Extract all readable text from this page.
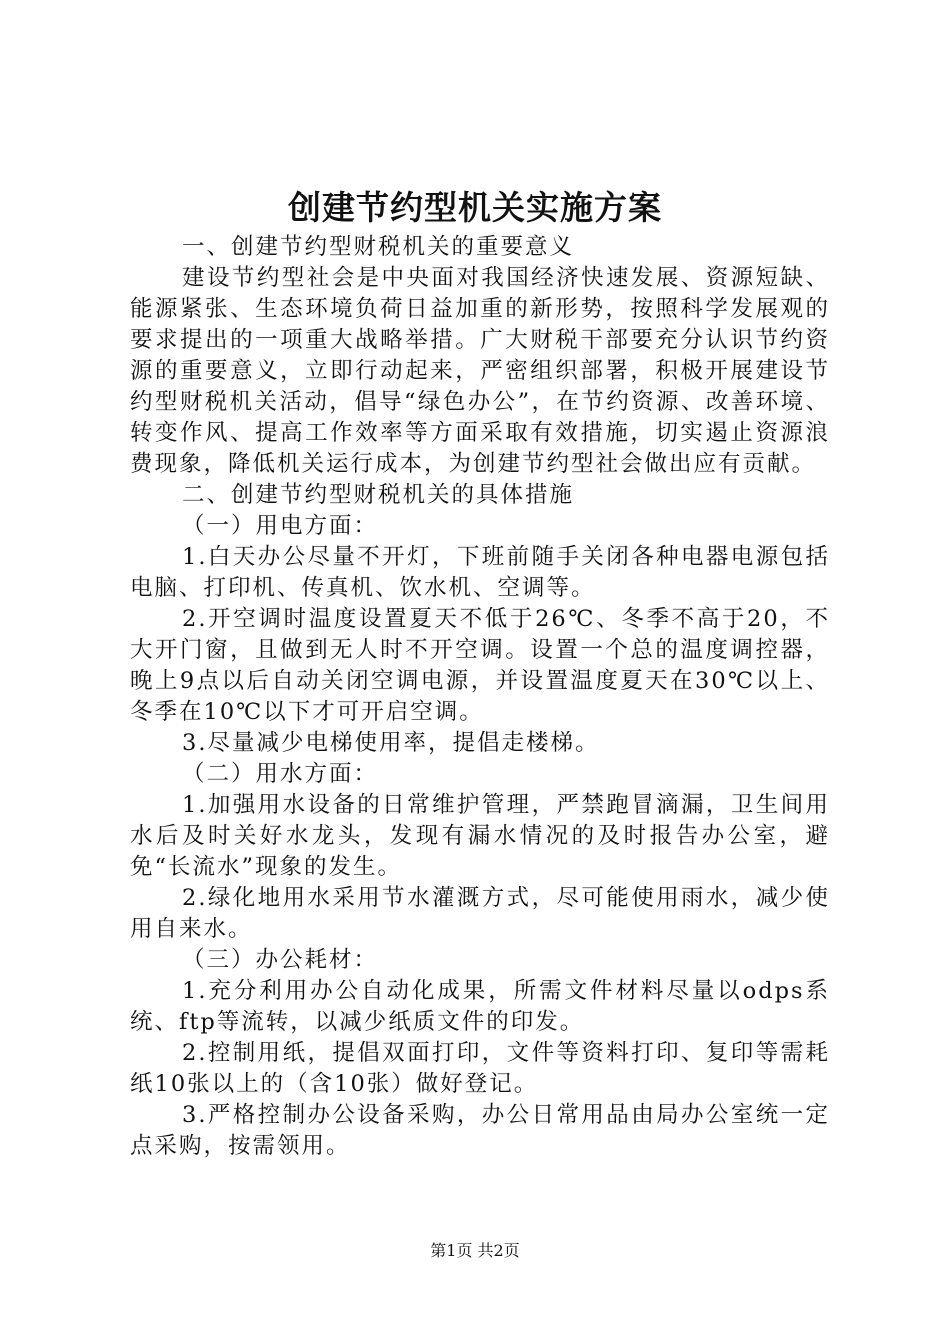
创建节约型机关实施方案

一、创建节约型财税机关的重要意义

建设节约型社会是中央面对我国经济快速发展、资源短缺、能源紧张、生态环境负荷日益加重的新形势，按照科学发展观的要求提出的一项重大战略举措。广大财税干部要充分认识节约资源的重要意义，立即行动起来，严密组织部署，积极开展建设节约型财税机关活动，倡导“绿色办公”，在节约资源、改善环境、转变作风、提高工作效率等方面采取有效措施，切实遏止资源浪费现象，降低机关运行成本，为创建节约型社会做出应有贡献。

二、创建节约型财税机关的具体措施

（一）用电方面：

1.白天办公尽量不开灯，下班前随手关闭各种电器电源包括电脑、打印机、传真机、饮水机、空调等。

2.开空调时温度设置夏天不低于26℃、冬季不高于20，不大开门窗，且做到无人时不开空调。设置一个总的温度调控器，晚上9点以后自动关闭空调电源，并设置温度夏天在30℃以上、冬季在10℃以下才可开启空调。

3.尽量减少电梯使用率，提倡走楼梯。

（二）用水方面：

1.加强用水设备的日常维护管理，严禁跑冒滴漏，卫生间用水后及时关好水龙头，发现有漏水情况的及时报告办公室，避免“长流水”现象的发生。

2.绿化地用水采用节水灌溉方式，尽可能使用雨水，减少使用自来水。

（三）办公耗材：

1.充分利用办公自动化成果，所需文件材料尽量以odps系统、ftp等流转，以减少纸质文件的印发。

2.控制用纸，提倡双面打印，文件等资料打印、复印等需耗纸10张以上的（含10张）做好登记。

3.严格控制办公设备采购，办公日常用品由局办公室统一定点采购，按需领用。

第1页 共2页
